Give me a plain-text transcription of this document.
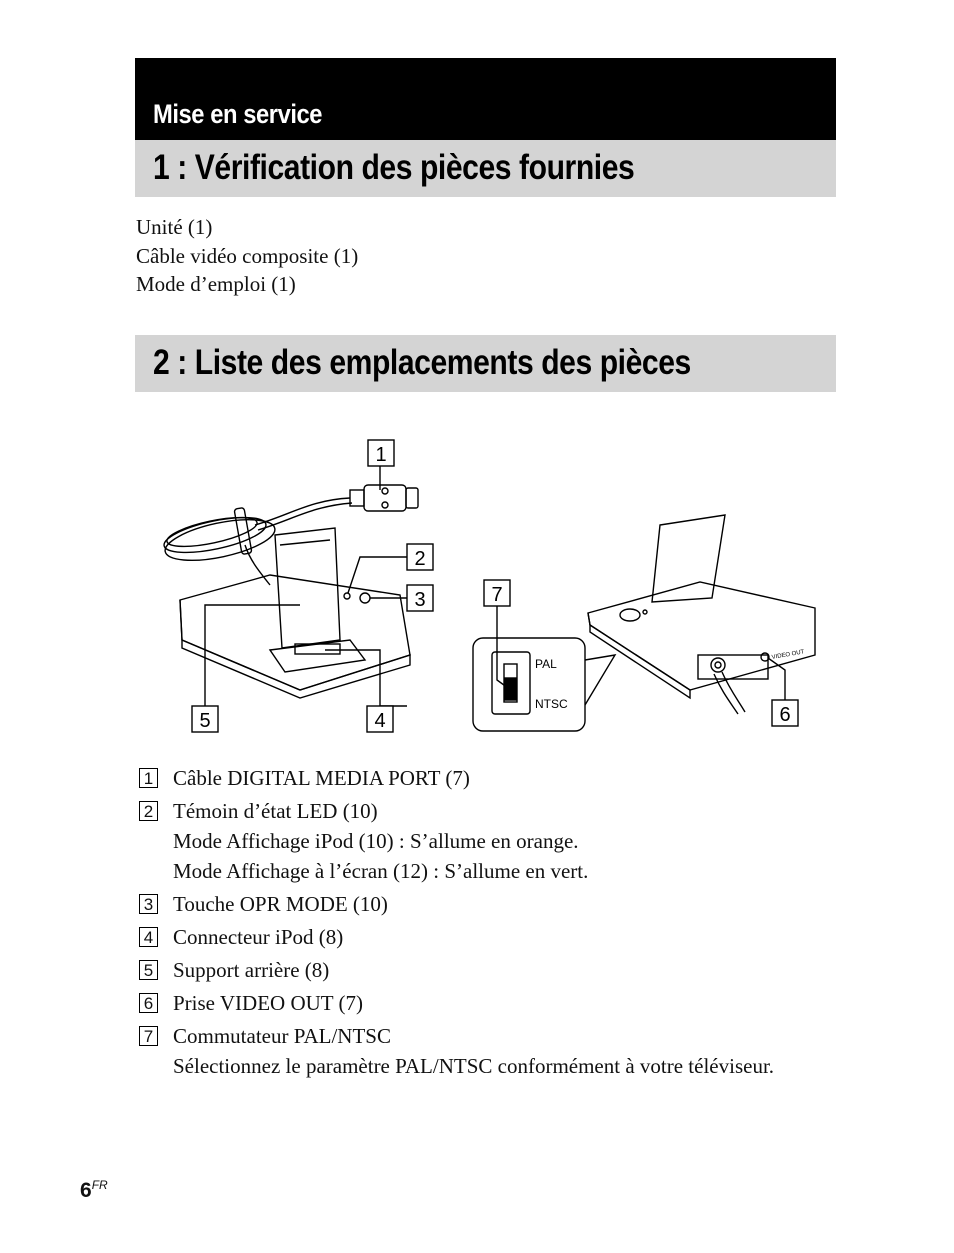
Mise en service
1 : Vérification des pièces fournies
Unité (1)
Câble vidéo composite (1)
Mode d’emploi (1)
2 : Liste des emplacements des pièces
1
2
3
4
5	6
7
PAL
NTSC
VIDEO OUT
1 Câble DIGITAL MEDIA PORT (7)
2 Témoin d’état LED (10)
Mode Affichage iPod (10) : S’allume en orange.
Mode Affichage à l’écran (12) : S’allume en vert.
3 Touche OPR MODE (10)
4 Connecteur iPod (8)
5 Support arrière (8)
6 Prise VIDEO OUT (7)
7 Commutateur PAL/NTSC
Sélectionnez le paramètre PAL/NTSC conformément à votre téléviseur.
$6^{FR}$
